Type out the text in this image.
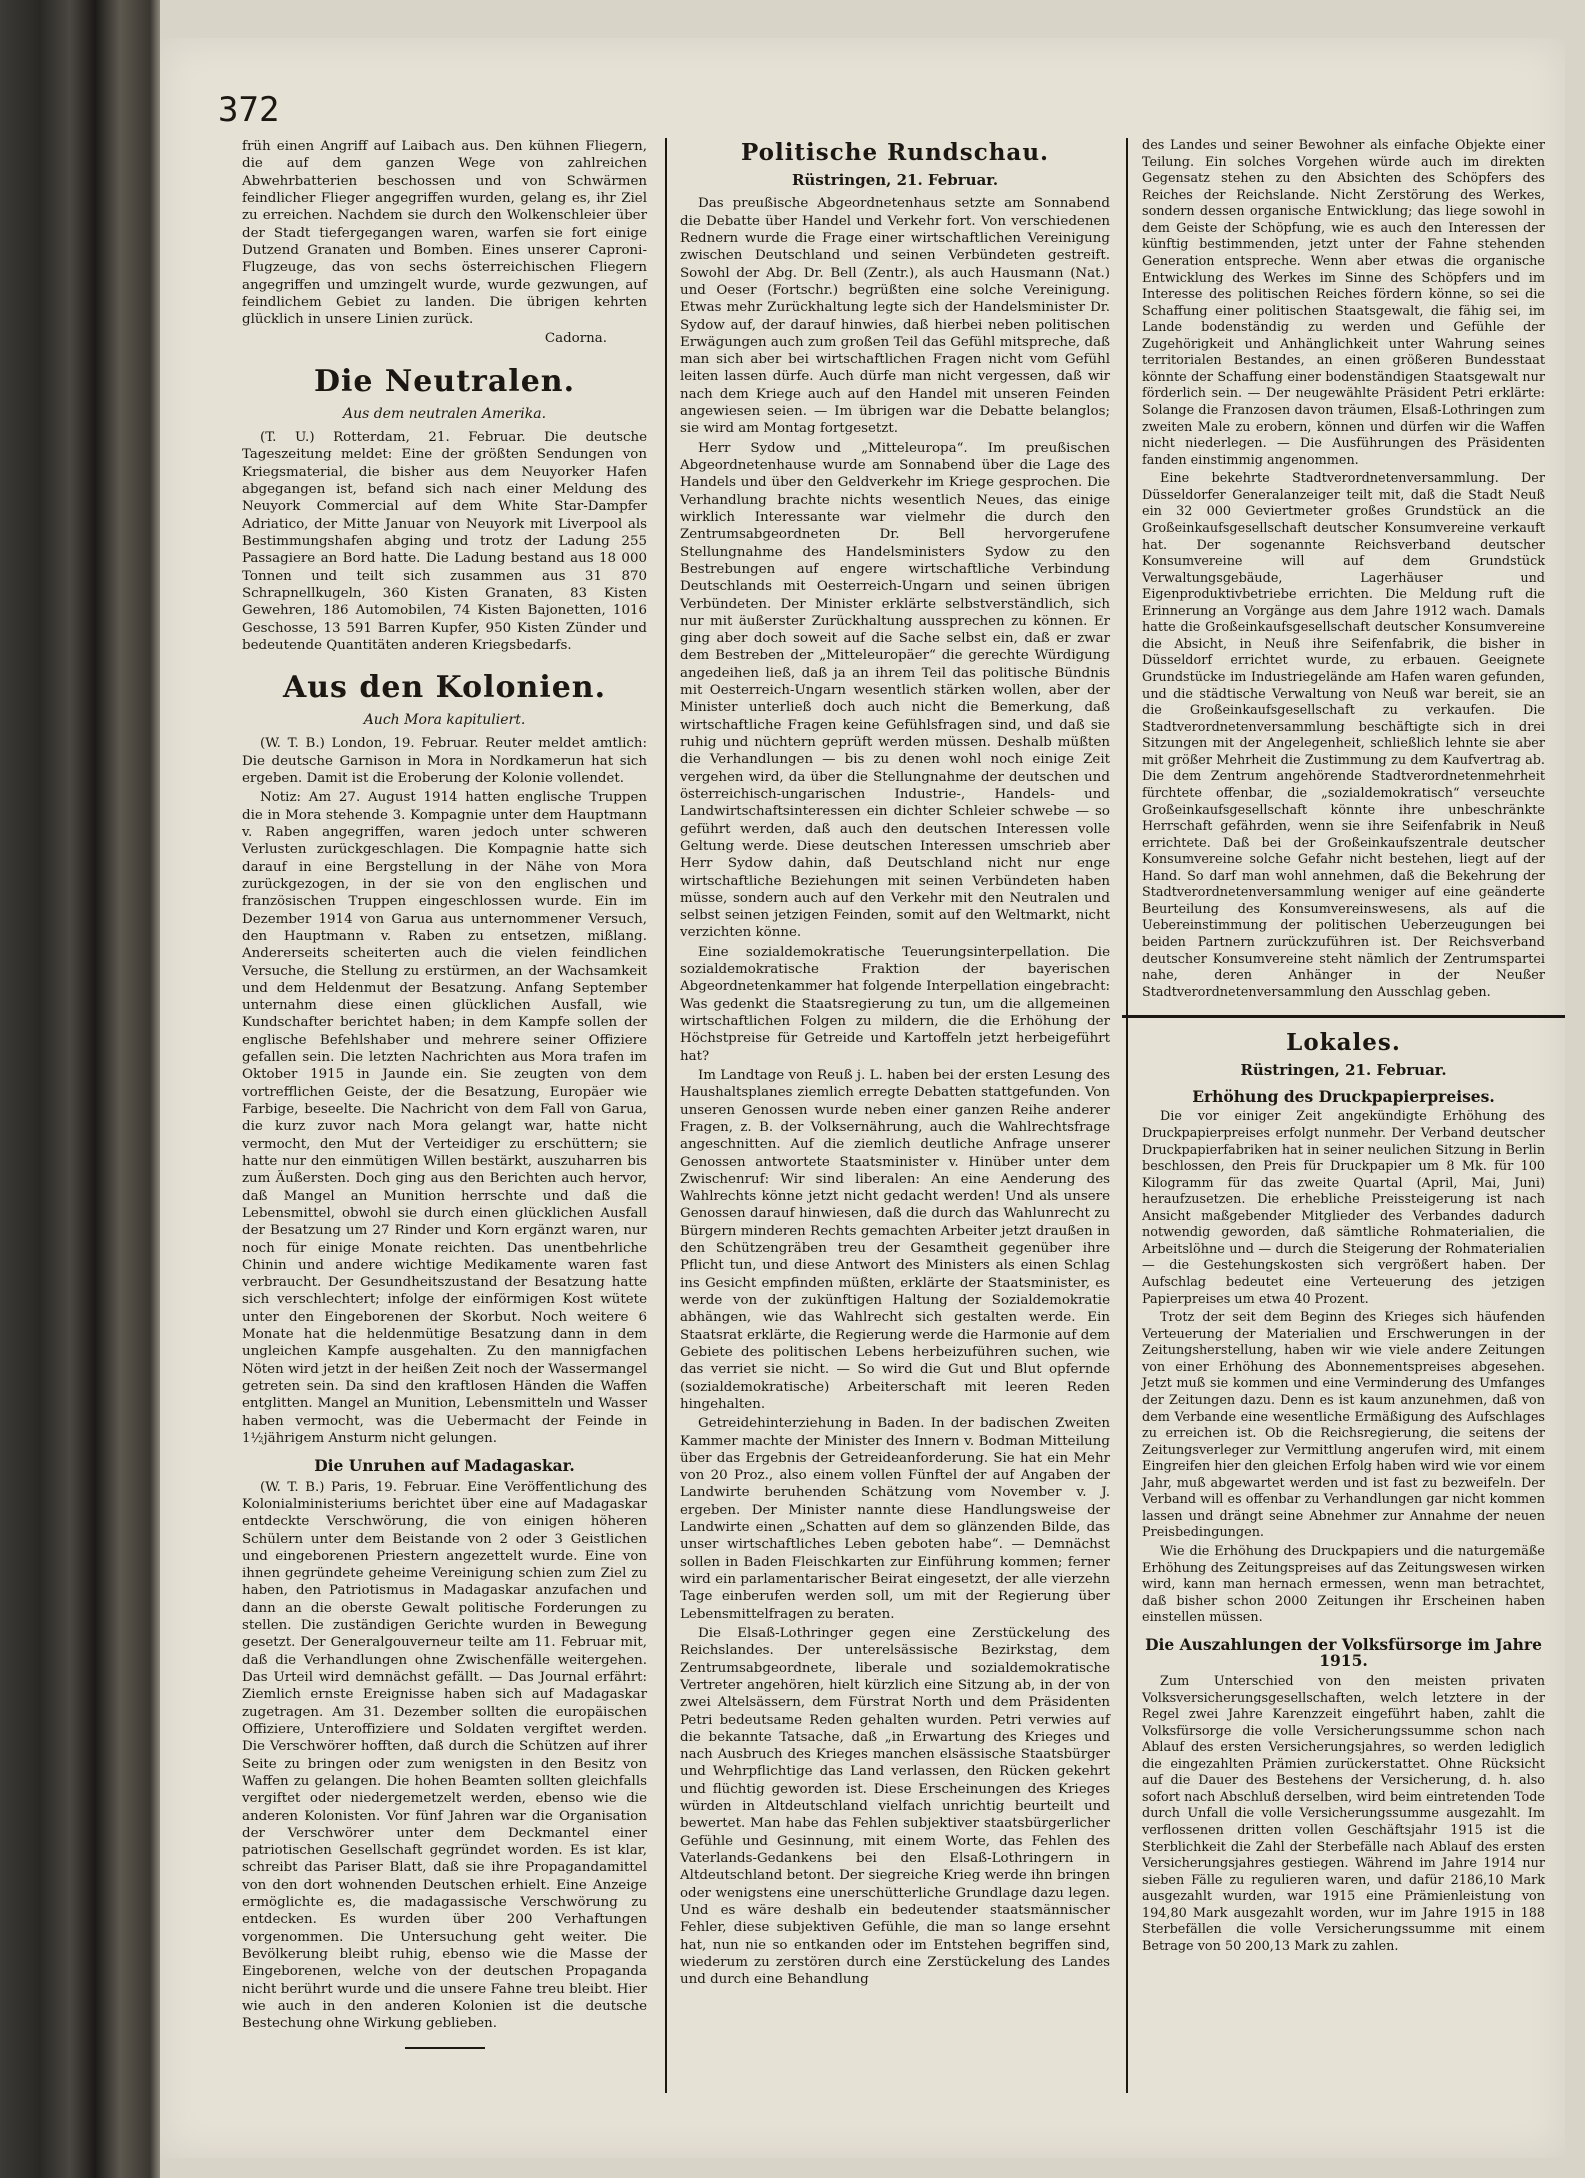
372

früh einen Angriff auf Laibach aus. Den kühnen Fliegern, die auf dem ganzen Wege von zahlreichen Abwehrbatterien beschossen und von Schwärmen feindlicher Flieger angegriffen wurden, gelang es, ihr Ziel zu erreichen. Nachdem sie durch den Wolkenschleier über der Stadt tiefergegangen waren, warfen sie fort einige Dutzend Granaten und Bomben. Eines unserer Caproni-Flugzeuge, das von sechs österreichischen Fliegern angegriffen und umzingelt wurde, wurde gezwungen, auf feindlichem Gebiet zu landen. Die übrigen kehrten glücklich in unsere Linien zurück.

Cadorna.

Die Neutralen.
Aus dem neutralen Amerika.

(T. U.) Rotterdam, 21. Februar. Die deutsche Tageszeitung meldet: Eine der größten Sendungen von Kriegsmaterial, die bisher aus dem Neuyorker Hafen abgegangen ist, befand sich nach einer Meldung des Neuyork Commercial auf dem White Star-Dampfer Adriatico, der Mitte Januar von Neuyork mit Liverpool als Bestimmungshafen abging und trotz der Ladung 255 Passagiere an Bord hatte. Die Ladung bestand aus 18 000 Tonnen und teilt sich zusammen aus 31 870 Schrapnellkugeln, 360 Kisten Granaten, 83 Kisten Gewehren, 186 Automobilen, 74 Kisten Bajonetten, 1016 Geschosse, 13 591 Barren Kupfer, 950 Kisten Zünder und bedeutende Quantitäten anderen Kriegsbedarfs.

Aus den Kolonien.
Auch Mora kapituliert.

(W. T. B.) London, 19. Februar. Reuter meldet amtlich: Die deutsche Garnison in Mora in Nordkamerun hat sich ergeben. Damit ist die Eroberung der Kolonie vollendet.

Notiz: Am 27. August 1914 hatten englische Truppen die in Mora stehende 3. Kompagnie unter dem Hauptmann v. Raben angegriffen, waren jedoch unter schweren Verlusten zurückgeschlagen. Die Kompagnie hatte sich darauf in eine Bergstellung in der Nähe von Mora zurückgezogen, in der sie von den englischen und französischen Truppen eingeschlossen wurde. Ein im Dezember 1914 von Garua aus unternommener Versuch, den Hauptmann v. Raben zu entsetzen, mißlang. Andererseits scheiterten auch die vielen feindlichen Versuche, die Stellung zu erstürmen, an der Wachsamkeit und dem Heldenmut der Besatzung. Anfang September unternahm diese einen glücklichen Ausfall, wie Kundschafter berichtet haben; in dem Kampfe sollen der englische Befehlshaber und mehrere seiner Offiziere gefallen sein. Die letzten Nachrichten aus Mora trafen im Oktober 1915 in Jaunde ein. Sie zeugten von dem vortrefflichen Geiste, der die Besatzung, Europäer wie Farbige, beseelte. Die Nachricht von dem Fall von Garua, die kurz zuvor nach Mora gelangt war, hatte nicht vermocht, den Mut der Verteidiger zu erschüttern; sie hatte nur den einmütigen Willen bestärkt, auszuharren bis zum Äußersten. Doch ging aus den Berichten auch hervor, daß Mangel an Munition herrschte und daß die Lebensmittel, obwohl sie durch einen glücklichen Ausfall der Besatzung um 27 Rinder und Korn ergänzt waren, nur noch für einige Monate reichten. Das unentbehrliche Chinin und andere wichtige Medikamente waren fast verbraucht. Der Gesundheitszustand der Besatzung hatte sich verschlechtert; infolge der einförmigen Kost wütete unter den Eingeborenen der Skorbut. Noch weitere 6 Monate hat die heldenmütige Besatzung dann in dem ungleichen Kampfe ausgehalten. Zu den mannigfachen Nöten wird jetzt in der heißen Zeit noch der Wassermangel getreten sein. Da sind den kraftlosen Händen die Waffen entglitten. Mangel an Munition, Lebensmitteln und Wasser haben vermocht, was die Uebermacht der Feinde in 1½jährigem Ansturm nicht gelungen.

Die Unruhen auf Madagaskar.

(W. T. B.) Paris, 19. Februar. Eine Veröffentlichung des Kolonialministeriums berichtet über eine auf Madagaskar entdeckte Verschwörung, die von einigen höheren Schülern unter dem Beistande von 2 oder 3 Geistlichen und eingeborenen Priestern angezettelt wurde. Eine von ihnen gegründete geheime Vereinigung schien zum Ziel zu haben, den Patriotismus in Madagaskar anzufachen und dann an die oberste Gewalt politische Forderungen zu stellen. Die zuständigen Gerichte wurden in Bewegung gesetzt. Der Generalgouverneur teilte am 11. Februar mit, daß die Verhandlungen ohne Zwischenfälle weitergehen. Das Urteil wird demnächst gefällt. — Das Journal erfährt: Ziemlich ernste Ereignisse haben sich auf Madagaskar zugetragen. Am 31. Dezember sollten die europäischen Offiziere, Unteroffiziere und Soldaten vergiftet werden. Die Verschwörer hofften, daß durch die Schützen auf ihrer Seite zu bringen oder zum wenigsten in den Besitz von Waffen zu gelangen. Die hohen Beamten sollten gleichfalls vergiftet oder niedergemetzelt werden, ebenso wie die anderen Kolonisten. Vor fünf Jahren war die Organisation der Verschwörer unter dem Deckmantel einer patriotischen Gesellschaft gegründet worden. Es ist klar, schreibt das Pariser Blatt, daß sie ihre Propagandamittel von den dort wohnenden Deutschen erhielt. Eine Anzeige ermöglichte es, die madagassische Verschwörung zu entdecken. Es wurden über 200 Verhaftungen vorgenommen. Die Untersuchung geht weiter. Die Bevölkerung bleibt ruhig, ebenso wie die Masse der Eingeborenen, welche von der deutschen Propaganda nicht berührt wurde und die unsere Fahne treu bleibt. Hier wie auch in den anderen Kolonien ist die deutsche Bestechung ohne Wirkung geblieben.

Politische Rundschau.
Rüstringen, 21. Februar.

Das preußische Abgeordnetenhaus setzte am Sonnabend die Debatte über Handel und Verkehr fort. Von verschiedenen Rednern wurde die Frage einer wirtschaftlichen Vereinigung zwischen Deutschland und seinen Verbündeten gestreift. Sowohl der Abg. Dr. Bell (Zentr.), als auch Hausmann (Nat.) und Oeser (Fortschr.) begrüßten eine solche Vereinigung. Etwas mehr Zurückhaltung legte sich der Handelsminister Dr. Sydow auf, der darauf hinwies, daß hierbei neben politischen Erwägungen auch zum großen Teil das Gefühl mitspreche, daß man sich aber bei wirtschaftlichen Fragen nicht vom Gefühl leiten lassen dürfe. Auch dürfe man nicht vergessen, daß wir nach dem Kriege auch auf den Handel mit unseren Feinden angewiesen seien. — Im übrigen war die Debatte belanglos; sie wird am Montag fortgesetzt.

Herr Sydow und „Mitteleuropa“. Im preußischen Abgeordnetenhause wurde am Sonnabend über die Lage des Handels und über den Geldverkehr im Kriege gesprochen. Die Verhandlung brachte nichts wesentlich Neues, das einige wirklich Interessante war vielmehr die durch den Zentrumsabgeordneten Dr. Bell hervorgerufene Stellungnahme des Handelsministers Sydow zu den Bestrebungen auf engere wirtschaftliche Verbindung Deutschlands mit Oesterreich-Ungarn und seinen übrigen Verbündeten. Der Minister erklärte selbstverständlich, sich nur mit äußerster Zurückhaltung aussprechen zu können. Er ging aber doch soweit auf die Sache selbst ein, daß er zwar dem Bestreben der „Mitteleuropäer“ die gerechte Würdigung angedeihen ließ, daß ja an ihrem Teil das politische Bündnis mit Oesterreich-Ungarn wesentlich stärken wollen, aber der Minister unterließ doch auch nicht die Bemerkung, daß wirtschaftliche Fragen keine Gefühlsfragen sind, und daß sie ruhig und nüchtern geprüft werden müssen. Deshalb müßten die Verhandlungen — bis zu denen wohl noch einige Zeit vergehen wird, da über die Stellungnahme der deutschen und österreichisch-ungarischen Industrie-, Handels- und Landwirtschaftsinteressen ein dichter Schleier schwebe — so geführt werden, daß auch den deutschen Interessen volle Geltung werde. Diese deutschen Interessen umschrieb aber Herr Sydow dahin, daß Deutschland nicht nur enge wirtschaftliche Beziehungen mit seinen Verbündeten haben müsse, sondern auch auf den Verkehr mit den Neutralen und selbst seinen jetzigen Feinden, somit auf den Weltmarkt, nicht verzichten könne.

Eine sozialdemokratische Teuerungsinterpellation. Die sozialdemokratische Fraktion der bayerischen Abgeordnetenkammer hat folgende Interpellation eingebracht: Was gedenkt die Staatsregierung zu tun, um die allgemeinen wirtschaftlichen Folgen zu mildern, die die Erhöhung der Höchstpreise für Getreide und Kartoffeln jetzt herbeigeführt hat?

Im Landtage von Reuß j. L. haben bei der ersten Lesung des Haushaltsplanes ziemlich erregte Debatten stattgefunden. Von unseren Genossen wurde neben einer ganzen Reihe anderer Fragen, z. B. der Volksernährung, auch die Wahlrechtsfrage angeschnitten. Auf die ziemlich deutliche Anfrage unserer Genossen antwortete Staatsminister v. Hinüber unter dem Zwischenruf: Wir sind liberalen: An eine Aenderung des Wahlrechts könne jetzt nicht gedacht werden! Und als unsere Genossen darauf hinwiesen, daß die durch das Wahlunrecht zu Bürgern minderen Rechts gemachten Arbeiter jetzt draußen in den Schützengräben treu der Gesamtheit gegenüber ihre Pflicht tun, und diese Antwort des Ministers als einen Schlag ins Gesicht empfinden müßten, erklärte der Staatsminister, es werde von der zukünftigen Haltung der Sozialdemokratie abhängen, wie das Wahlrecht sich gestalten werde. Ein Staatsrat erklärte, die Regierung werde die Harmonie auf dem Gebiete des politischen Lebens herbeizuführen suchen, wie das verriet sie nicht. — So wird die Gut und Blut opfernde (sozialdemokratische) Arbeiterschaft mit leeren Reden hingehalten.

Getreidehinterziehung in Baden. In der badischen Zweiten Kammer machte der Minister des Innern v. Bodman Mitteilung über das Ergebnis der Getreideanforderung. Sie hat ein Mehr von 20 Proz., also einem vollen Fünftel der auf Angaben der Landwirte beruhenden Schätzung vom November v. J. ergeben. Der Minister nannte diese Handlungsweise der Landwirte einen „Schatten auf dem so glänzenden Bilde, das unser wirtschaftliches Leben geboten habe“. — Demnächst sollen in Baden Fleischkarten zur Einführung kommen; ferner wird ein parlamentarischer Beirat eingesetzt, der alle vierzehn Tage einberufen werden soll, um mit der Regierung über Lebensmittelfragen zu beraten.

Die Elsaß-Lothringer gegen eine Zerstückelung des Reichslandes. Der unterelsässische Bezirkstag, dem Zentrumsabgeordnete, liberale und sozialdemokratische Vertreter angehören, hielt kürzlich eine Sitzung ab, in der von zwei Altelsässern, dem Fürstrat North und dem Präsidenten Petri bedeutsame Reden gehalten wurden. Petri verwies auf die bekannte Tatsache, daß „in Erwartung des Krieges und nach Ausbruch des Krieges manchen elsässische Staatsbürger und Wehrpflichtige das Land verlassen, den Rücken gekehrt und flüchtig geworden ist. Diese Erscheinungen des Krieges würden in Altdeutschland vielfach unrichtig beurteilt und bewertet. Man habe das Fehlen subjektiver staatsbürgerlicher Gefühle und Gesinnung, mit einem Worte, das Fehlen des Vaterlands-Gedankens bei den Elsaß-Lothringern in Altdeutschland betont. Der siegreiche Krieg werde ihn bringen oder wenigstens eine unerschütterliche Grundlage dazu legen. Und es wäre deshalb ein bedeutender staatsmännischer Fehler, diese subjektiven Gefühle, die man so lange ersehnt hat, nun nie so entkanden oder im Entstehen begriffen sind, wiederum zu zerstören durch eine Zerstückelung des Landes und durch eine Behandlung

des Landes und seiner Bewohner als einfache Objekte einer Teilung. Ein solches Vorgehen würde auch im direkten Gegensatz stehen zu den Absichten des Schöpfers des Reiches der Reichslande. Nicht Zerstörung des Werkes, sondern dessen organische Entwicklung; das liege sowohl in dem Geiste der Schöpfung, wie es auch den Interessen der künftig bestimmenden, jetzt unter der Fahne stehenden Generation entspreche. Wenn aber etwas die organische Entwicklung des Werkes im Sinne des Schöpfers und im Interesse des politischen Reiches fördern könne, so sei die Schaffung einer politischen Staatsgewalt, die fähig sei, im Lande bodenständig zu werden und Gefühle der Zugehörigkeit und Anhänglichkeit unter Wahrung seines territorialen Bestandes, an einen größeren Bundesstaat könnte der Schaffung einer bodenständigen Staatsgewalt nur förderlich sein. — Der neugewählte Präsident Petri erklärte: Solange die Franzosen davon träumen, Elsaß-Lothringen zum zweiten Male zu erobern, können und dürfen wir die Waffen nicht niederlegen. — Die Ausführungen des Präsidenten fanden einstimmig angenommen.

Eine bekehrte Stadtverordnetenversammlung. Der Düsseldorfer Generalanzeiger teilt mit, daß die Stadt Neuß ein 32 000 Geviertmeter großes Grundstück an die Großeinkaufsgesellschaft deutscher Konsumvereine verkauft hat. Der sogenannte Reichsverband deutscher Konsumvereine will auf dem Grundstück Verwaltungsgebäude, Lagerhäuser und Eigenproduktivbetriebe errichten. Die Meldung ruft die Erinnerung an Vorgänge aus dem Jahre 1912 wach. Damals hatte die Großeinkaufsgesellschaft deutscher Konsumvereine die Absicht, in Neuß ihre Seifenfabrik, die bisher in Düsseldorf errichtet wurde, zu erbauen. Geeignete Grundstücke im Industriegelände am Hafen waren gefunden, und die städtische Verwaltung von Neuß war bereit, sie an die Großeinkaufsgesellschaft zu verkaufen. Die Stadtverordnetenversammlung beschäftigte sich in drei Sitzungen mit der Angelegenheit, schließlich lehnte sie aber mit größer Mehrheit die Zustimmung zu dem Kaufvertrag ab. Die dem Zentrum angehörende Stadtverordnetenmehrheit fürchtete offenbar, die „sozialdemokratisch“ verseuchte Großeinkaufsgesellschaft könnte ihre unbeschränkte Herrschaft gefährden, wenn sie ihre Seifenfabrik in Neuß errichtete. Daß bei der Großeinkaufszentrale deutscher Konsumvereine solche Gefahr nicht bestehen, liegt auf der Hand. So darf man wohl annehmen, daß die Bekehrung der Stadtverordnetenversammlung weniger auf eine geänderte Beurteilung des Konsumvereinswesens, als auf die Uebereinstimmung der politischen Ueberzeugungen bei beiden Partnern zurückzuführen ist. Der Reichsverband deutscher Konsumvereine steht nämlich der Zentrumspartei nahe, deren Anhänger in der Neußer Stadtverordnetenversammlung den Ausschlag geben.

Lokales.
Rüstringen, 21. Februar.
Erhöhung des Druckpapierpreises.

Die vor einiger Zeit angekündigte Erhöhung des Druckpapierpreises erfolgt nunmehr. Der Verband deutscher Druckpapierfabriken hat in seiner neulichen Sitzung in Berlin beschlossen, den Preis für Druckpapier um 8 Mk. für 100 Kilogramm für das zweite Quartal (April, Mai, Juni) heraufzusetzen. Die erhebliche Preissteigerung ist nach Ansicht maßgebender Mitglieder des Verbandes dadurch notwendig geworden, daß sämtliche Rohmaterialien, die Arbeitslöhne und — durch die Steigerung der Rohmaterialien — die Gestehungskosten sich vergrößert haben. Der Aufschlag bedeutet eine Verteuerung des jetzigen Papierpreises um etwa 40 Prozent.

Trotz der seit dem Beginn des Krieges sich häufenden Verteuerung der Materialien und Erschwerungen in der Zeitungsherstellung, haben wir wie viele andere Zeitungen von einer Erhöhung des Abonnementspreises abgesehen. Jetzt muß sie kommen und eine Verminderung des Umfanges der Zeitungen dazu. Denn es ist kaum anzunehmen, daß von dem Verbande eine wesentliche Ermäßigung des Aufschlages zu erreichen ist. Ob die Reichsregierung, die seitens der Zeitungsverleger zur Vermittlung angerufen wird, mit einem Eingreifen hier den gleichen Erfolg haben wird wie vor einem Jahr, muß abgewartet werden und ist fast zu bezweifeln. Der Verband will es offenbar zu Verhandlungen gar nicht kommen lassen und drängt seine Abnehmer zur Annahme der neuen Preisbedingungen.

Wie die Erhöhung des Druckpapiers und die naturgemäße Erhöhung des Zeitungspreises auf das Zeitungswesen wirken wird, kann man hernach ermessen, wenn man betrachtet, daß bisher schon 2000 Zeitungen ihr Erscheinen haben einstellen müssen.

Die Auszahlungen der Volksfürsorge im Jahre 1915.

Zum Unterschied von den meisten privaten Volksversicherungsgesellschaften, welch letztere in der Regel zwei Jahre Karenzzeit eingeführt haben, zahlt die Volksfürsorge die volle Versicherungssumme schon nach Ablauf des ersten Versicherungsjahres, so werden lediglich die eingezahlten Prämien zurückerstattet. Ohne Rücksicht auf die Dauer des Bestehens der Versicherung, d. h. also sofort nach Abschluß derselben, wird beim eintretenden Tode durch Unfall die volle Versicherungssumme ausgezahlt. Im verflossenen dritten vollen Geschäftsjahr 1915 ist die Sterblichkeit die Zahl der Sterbefälle nach Ablauf des ersten Versicherungsjahres gestiegen. Während im Jahre 1914 nur sieben Fälle zu regulieren waren, und dafür 2186,10 Mark ausgezahlt wurden, war 1915 eine Prämienleistung von 194,80 Mark ausgezahlt worden, wur im Jahre 1915 in 188 Sterbefällen die volle Versicherungssumme mit einem Betrage von 50 200,13 Mark zu zahlen.
